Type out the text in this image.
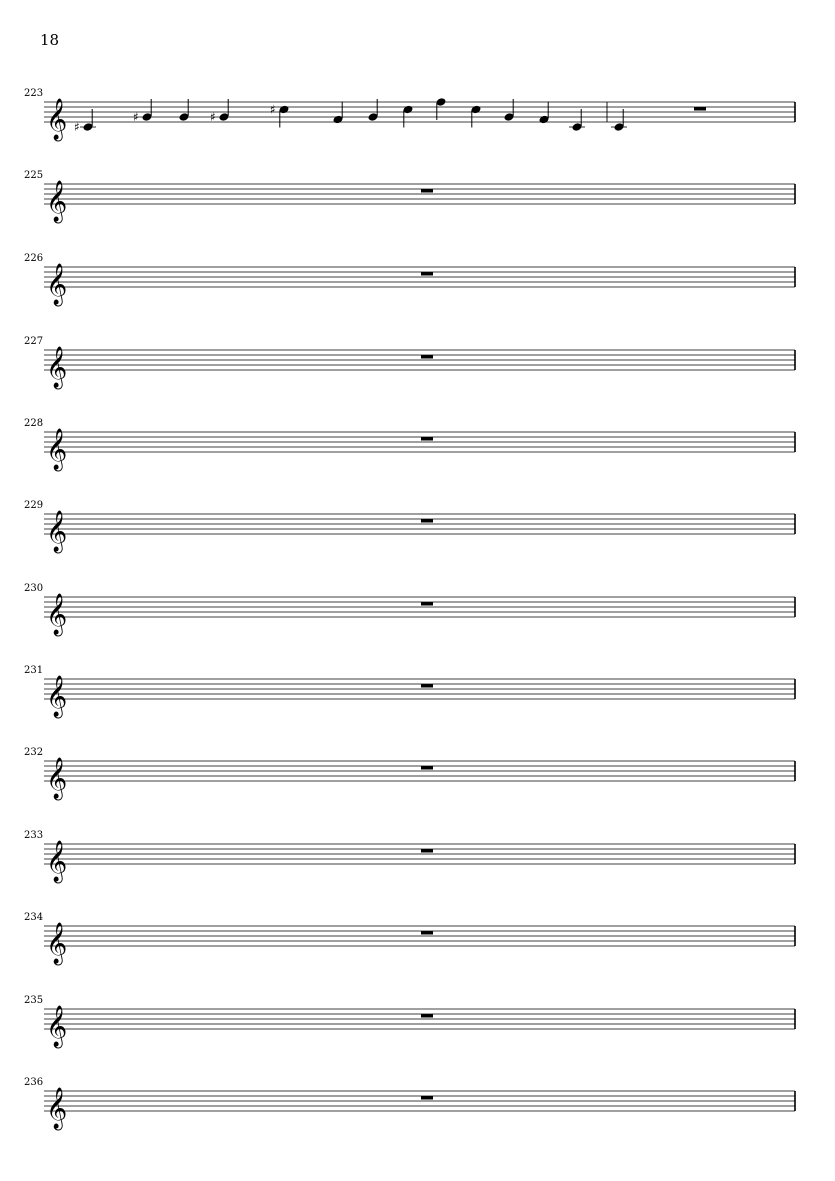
18
223
225
226
227
228
229
230
231
232
233
234
235
236
𝄞 ♯
♯	♯
♯
𝄞
𝄞
𝄞
𝄞
𝄞
𝄞
𝄞
𝄞
𝄞
𝄞
𝄞
𝄞
